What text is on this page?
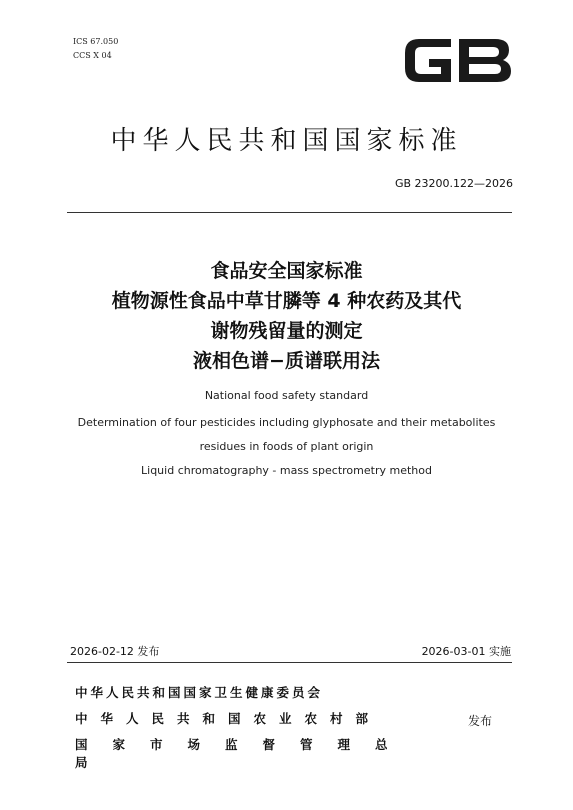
ICS 67.050
CCS X 04
中华人民共和国国家标准
GB 23200.122—2026
食品安全国家标准
植物源性食品中草甘膦等 4 种农药及其代
谢物残留量的测定
液相色谱−质谱联用法
National food safety standard
Determination of four pesticides including glyphosate and their metabolites
residues in foods of plant origin
Liquid chromatography - mass spectrometry method
2026-02-12 发布	2026-03-01 实施
中华人民共和国国家卫生健康委员会
中华人民共和国农业农村部
国家市场监督管理总局
发布
